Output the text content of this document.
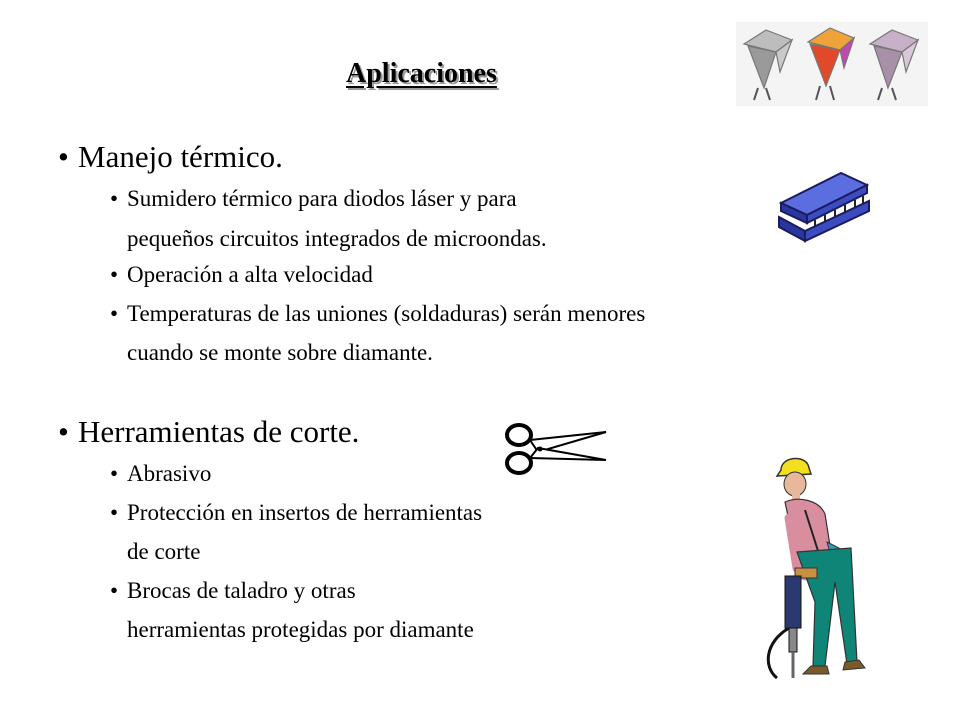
Aplicaciones
• Manejo térmico.
• Sumidero térmico para diodos láser y para
pequeños circuitos integrados de microondas.
• Operación a alta velocidad
• Temperaturas de las uniones (soldaduras) serán menores
cuando se monte sobre diamante.
• Herramientas de corte.
• Abrasivo
• Protección en insertos de herramientas
de corte
• Brocas de taladro y otras
herramientas protegidas por diamante
